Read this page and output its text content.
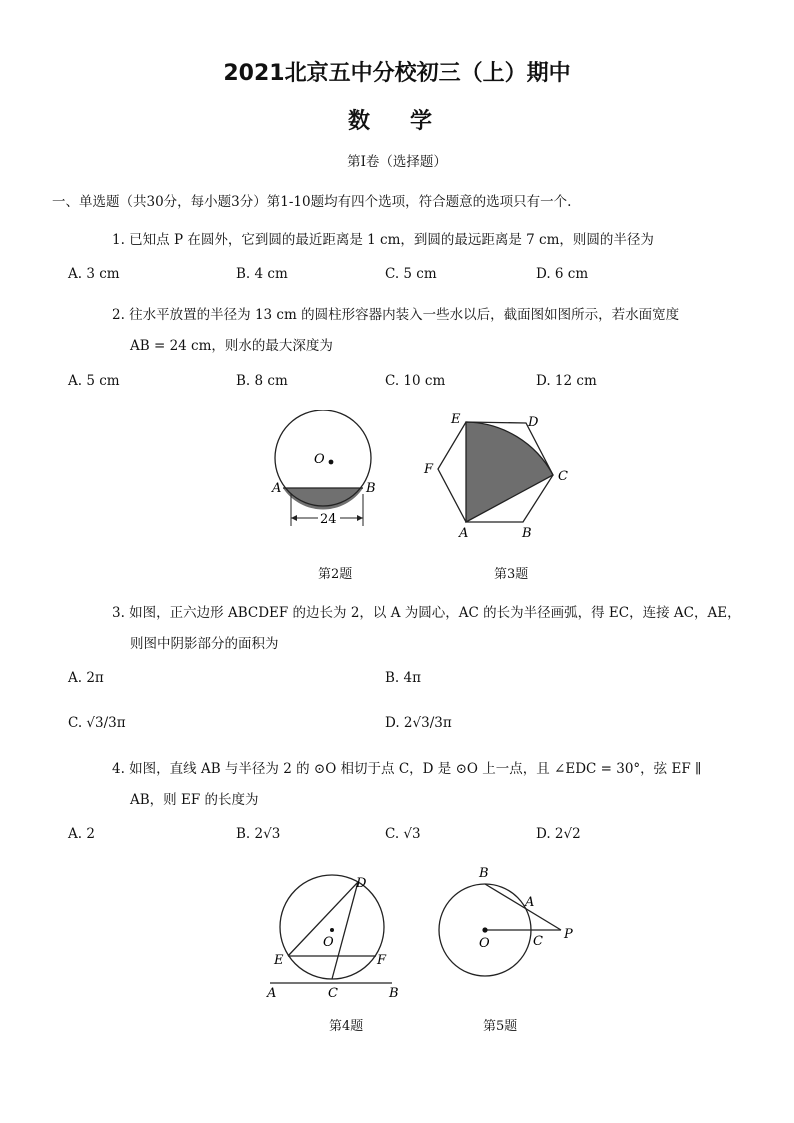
2021北京五中分校初三（上）期中
数学
第I卷（选择题）
一、单选题（共30分，每小题3分）第1-10题均有四个选项，符合题意的选项只有一个.
1. 已知点 P 在圆外，它到圆的最近距离是 1 cm，到圆的最远距离是 7 cm，则圆的半径为
A. 3 cm	B. 4 cm	C. 5 cm	D. 6 cm
2. 往水平放置的半径为 13 cm 的圆柱形容器内装入一些水以后，截面图如图所示，若水面宽度
AB = 24 cm，则水的最大深度为
A. 5 cm	B. 8 cm	C. 10 cm	D. 12 cm
O
A	B
24
第2题
E	D
F	C
A	B
第3题
3. 如图，正六边形 ABCDEF 的边长为 2，以 A 为圆心，AC 的长为半径画弧，得 EC，连接 AC，AE，
则图中阴影部分的面积为
A. 2π	B. 4π
C. √3/3π	D. 2√3/3π
4. 如图，直线 AB 与半径为 2 的 ⊙O 相切于点 C，D 是 ⊙O 上一点，且 ∠EDC = 30°，弦 EF ∥
AB，则 EF 的长度为
A. 2	B. 2√3	C. √3	D. 2√2
D
O
E	F
A	C	B
第4题
B
A
O	C P
第5题
